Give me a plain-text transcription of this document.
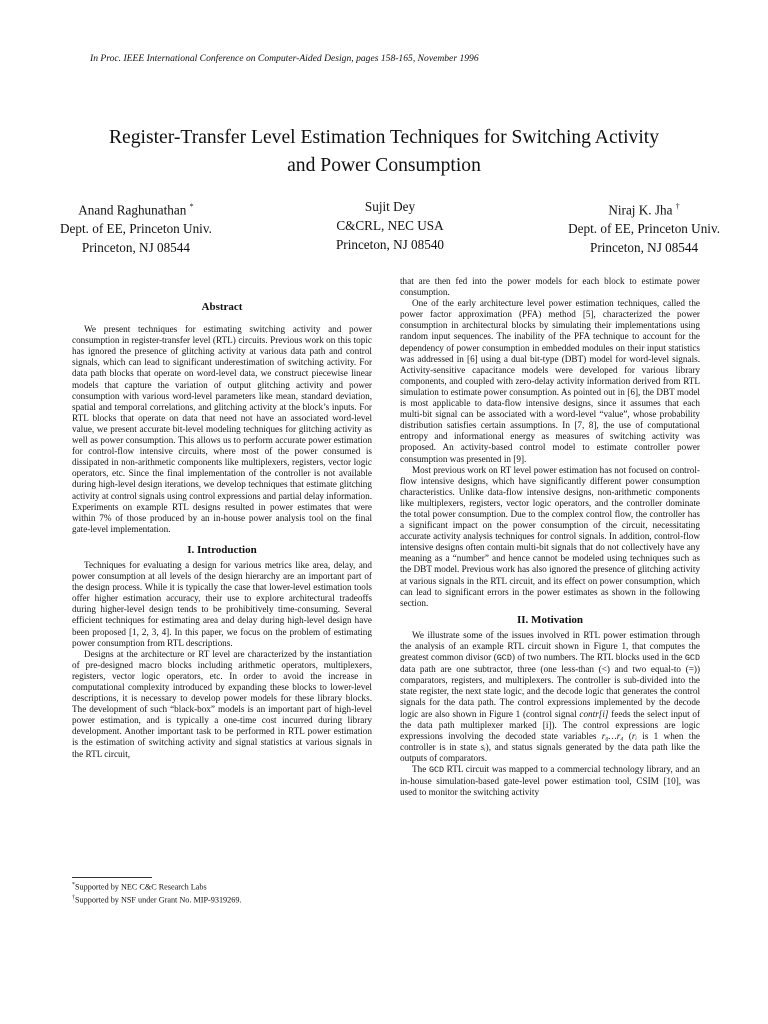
In Proc. IEEE International Conference on Computer-Aided Design, pages 158-165, November 1996
Register-Transfer Level Estimation Techniques for Switching Activity
and Power Consumption
Anand Raghunathan *
Dept. of EE, Princeton Univ.
Princeton, NJ 08544
Sujit Dey
C&CRL, NEC USA
Princeton, NJ 08540
Niraj K. Jha †
Dept. of EE, Princeton Univ.
Princeton, NJ 08544
Abstract

We present techniques for estimating switching activity and power consumption in register-transfer level (RTL) circuits. Previous work on this topic has ignored the presence of glitching activity at various data path and control signals, which can lead to significant underestimation of switching activity. For data path blocks that operate on word-level data, we construct piecewise linear models that capture the variation of output glitching activity and power consumption with various word-level parameters like mean, standard deviation, spatial and temporal correlations, and glitching activity at the block’s inputs. For RTL blocks that operate on data that need not have an associated word-level value, we present accurate bit-level modeling techniques for glitching activity as well as power consumption. This allows us to perform accurate power estimation for control-flow intensive circuits, where most of the power consumed is dissipated in non-arithmetic components like multiplexers, registers, vector logic operators, etc. Since the final implementation of the controller is not available during high-level design iterations, we develop techniques that estimate glitching activity at control signals using control expressions and partial delay information. Experiments on example RTL designs resulted in power estimates that were within 7% of those produced by an in-house power analysis tool on the final gate-level implementation.

I. Introduction

Techniques for evaluating a design for various metrics like area, delay, and power consumption at all levels of the design hierarchy are an important part of the design process. While it is typically the case that lower-level estimation tools offer higher estimation accuracy, their use to explore architectural tradeoffs during higher-level design tends to be prohibitively time-consuming. Several efficient techniques for estimating area and delay during high-level design have been proposed [1, 2, 3, 4]. In this paper, we focus on the problem of estimating power consumption from RTL descriptions.

Designs at the architecture or RT level are characterized by the instantiation of pre-designed macro blocks including arithmetic operators, multiplexers, registers, vector logic operators, etc. In order to avoid the increase in computational complexity introduced by expanding these blocks to lower-level descriptions, it is necessary to develop power models for these library blocks. The development of such “black-box” models is an important part of high-level power estimation, and is typically a one-time cost incurred during library development. Another important task to be performed in RTL power estimation is the estimation of switching activity and signal statistics at various signals in the RTL circuit,

*Supported by NEC C&C Research Labs
†Supported by NSF under Grant No. MIP-9319269.

that are then fed into the power models for each block to estimate power consumption.

One of the early architecture level power estimation techniques, called the power factor approximation (PFA) method [5], characterized the power consumption in architectural blocks by simulating their implementations using random input sequences. The inability of the PFA technique to account for the dependency of power consumption in embedded modules on their input statistics was addressed in [6] using a dual bit-type (DBT) model for word-level signals. Activity-sensitive capacitance models were developed for various library components, and coupled with zero-delay activity information derived from RTL simulation to estimate power consumption. As pointed out in [6], the DBT model is most applicable to data-flow intensive designs, since it assumes that each multi-bit signal can be associated with a word-level “value”, whose probability distribution satisfies certain assumptions. In [7, 8], the use of computational entropy and informational energy as measures of switching activity was proposed. An activity-based control model to estimate controller power consumption was presented in [9].

Most previous work on RT level power estimation has not focused on control-flow intensive designs, which have significantly different power consumption characteristics. Unlike data-flow intensive designs, non-arithmetic components like multiplexers, registers, vector logic operators, and the controller dominate the total power consumption. Due to the complex control flow, the controller has a significant impact on the power consumption of the circuit, necessitating accurate activity analysis techniques for control signals. In addition, control-flow intensive designs often contain multi-bit signals that do not collectively have any meaning as a “number” and hence cannot be modeled using techniques such as the DBT model. Previous work has also ignored the presence of glitching activity at various signals in the RTL circuit, and its effect on power consumption, which can lead to significant errors in the power estimates as shown in the following section.

II. Motivation

We illustrate some of the issues involved in RTL power estimation through the analysis of an example RTL circuit shown in Figure 1, that computes the greatest common divisor (GCD) of two numbers. The RTL blocks used in the GCD data path are one subtractor, three (one less-than (<) and two equal-to (=)) comparators, registers, and multiplexers. The controller is sub-divided into the state register, the next state logic, and the decode logic that generates the control signals for the data path. The control expressions implemented by the decode logic are also shown in Figure 1 (control signal contr[i] feeds the select input of the data path multiplexer marked [i]). The control expressions are logic expressions involving the decoded state variables r₀…r₄ (rᵢ is 1 when the controller is in state sᵢ), and status signals generated by the data path like the outputs of comparators.

The GCD RTL circuit was mapped to a commercial technology library, and an in-house simulation-based gate-level power estimation tool, CSIM [10], was used to monitor the switching activity
